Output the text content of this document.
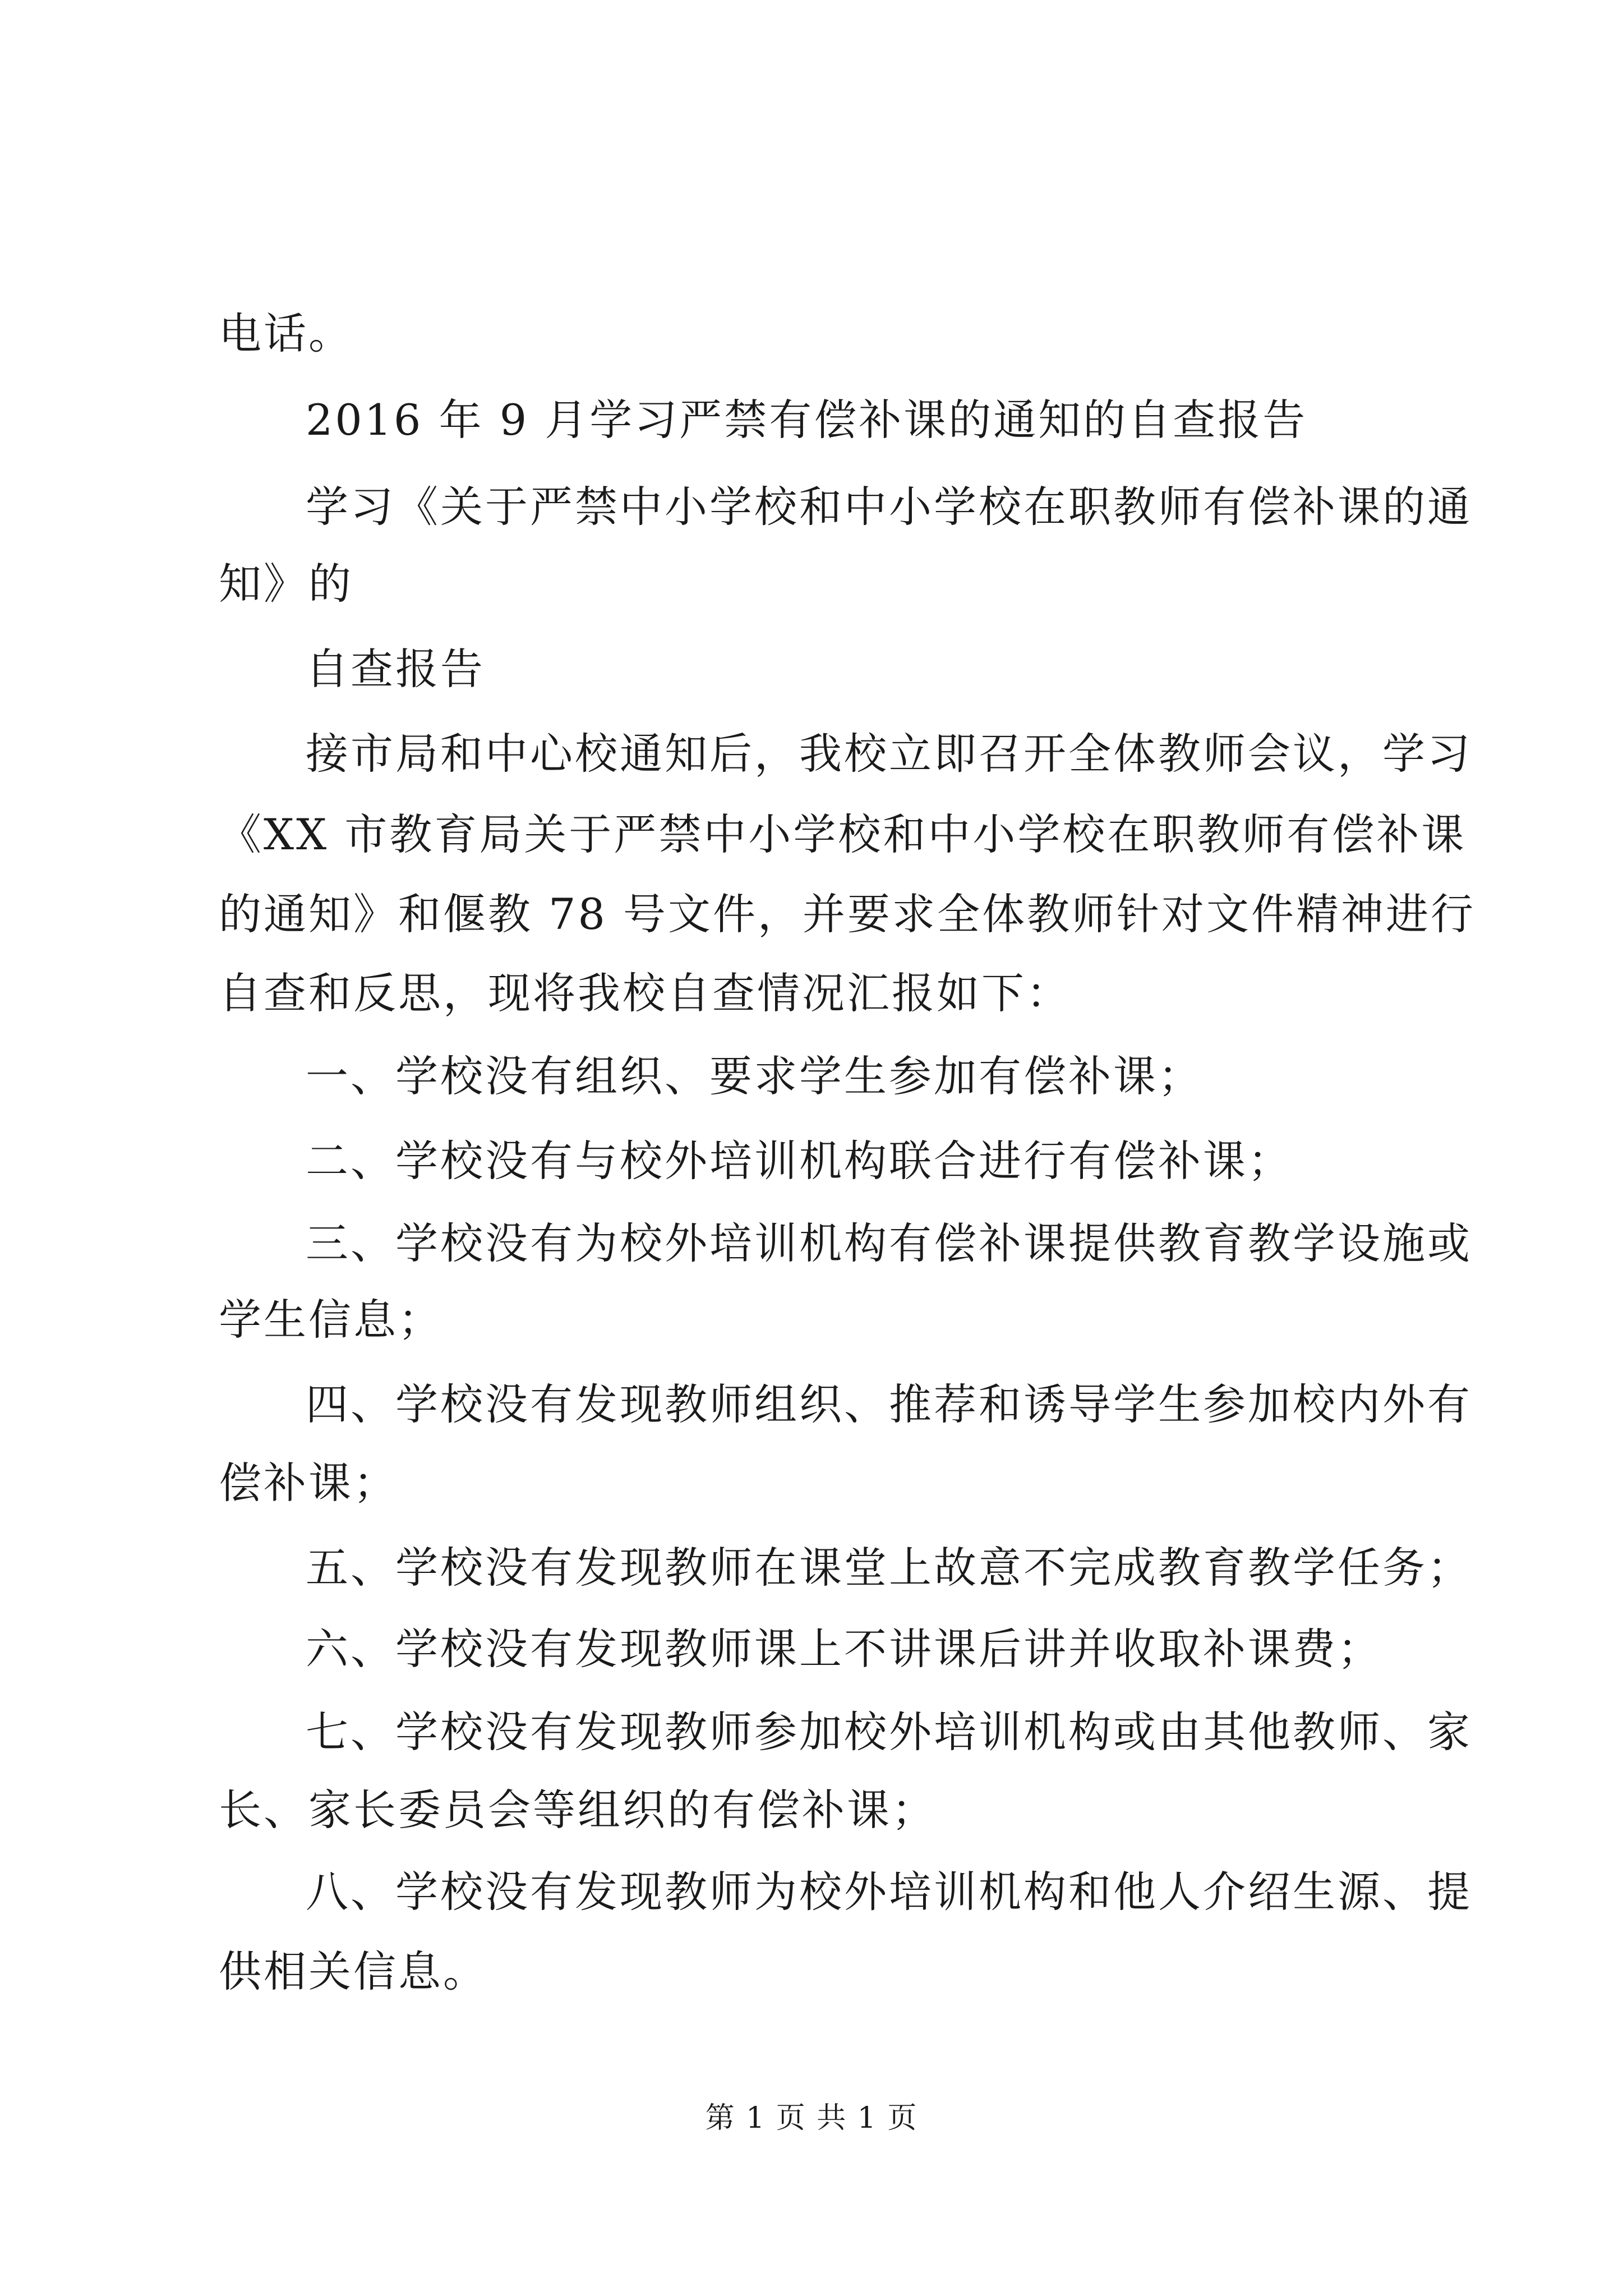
电话。
2016 年 9 月学习严禁有偿补课的通知的自查报告
学习《关于严禁中小学校和中小学校在职教师有偿补课的通
知》的
自查报告
接市局和中心校通知后，我校立即召开全体教师会议，学习
《XX 市教育局关于严禁中小学校和中小学校在职教师有偿补课
的通知》和偃教 78 号文件，并要求全体教师针对文件精神进行
自查和反思，现将我校自查情况汇报如下：
一、学校没有组织、要求学生参加有偿补课；
二、学校没有与校外培训机构联合进行有偿补课；
三、学校没有为校外培训机构有偿补课提供教育教学设施或
学生信息；
四、学校没有发现教师组织、推荐和诱导学生参加校内外有
偿补课；
五、学校没有发现教师在课堂上故意不完成教育教学任务；
六、学校没有发现教师课上不讲课后讲并收取补课费；
七、学校没有发现教师参加校外培训机构或由其他教师、家
长、家长委员会等组织的有偿补课；
八、学校没有发现教师为校外培训机构和他人介绍生源、提
供相关信息。
第 1 页 共 1 页
